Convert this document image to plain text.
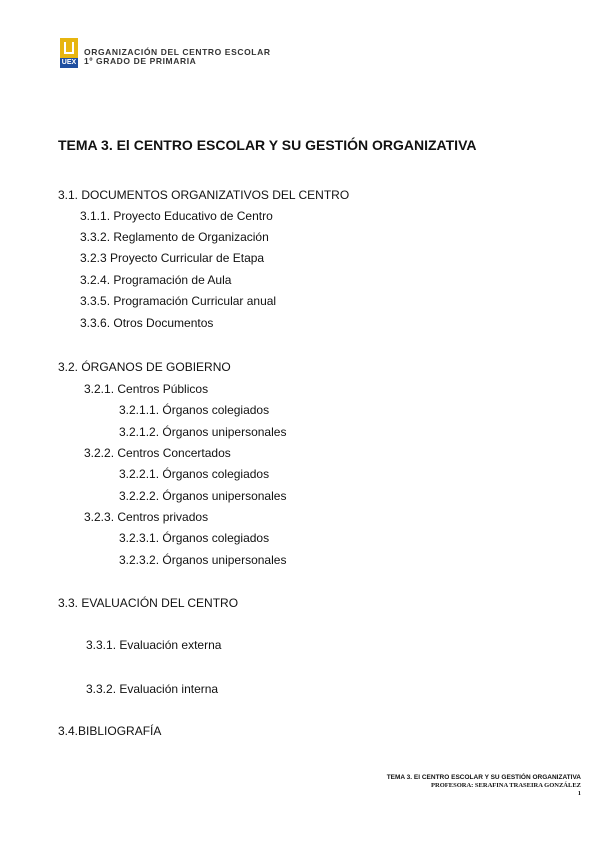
UEX
ORGANIZACIÓN DEL CENTRO ESCOLAR
1º GRADO DE PRIMARIA
TEMA 3. El CENTRO ESCOLAR Y SU GESTIÓN ORGANIZATIVA
3.1. DOCUMENTOS ORGANIZATIVOS DEL CENTRO
3.1.1. Proyecto Educativo de Centro
3.3.2. Reglamento de Organización
3.2.3 Proyecto Curricular de Etapa
3.2.4. Programación de Aula
3.3.5. Programación Curricular anual
3.3.6. Otros Documentos
3.2. ÓRGANOS DE GOBIERNO
3.2.1. Centros Públicos
3.2.1.1. Órganos colegiados
3.2.1.2. Órganos unipersonales
3.2.2. Centros Concertados
3.2.2.1. Órganos colegiados
3.2.2.2. Órganos unipersonales
3.2.3. Centros privados
3.2.3.1. Órganos colegiados
3.2.3.2. Órganos unipersonales
3.3. EVALUACIÓN DEL CENTRO
3.3.1. Evaluación externa
3.3.2. Evaluación interna
3.4.BIBLIOGRAFÍA
TEMA 3. El CENTRO ESCOLAR Y SU GESTIÓN ORGANIZATIVA
PROFESORA: SERAFINA TRASEIRA GONZÁLEZ
1
